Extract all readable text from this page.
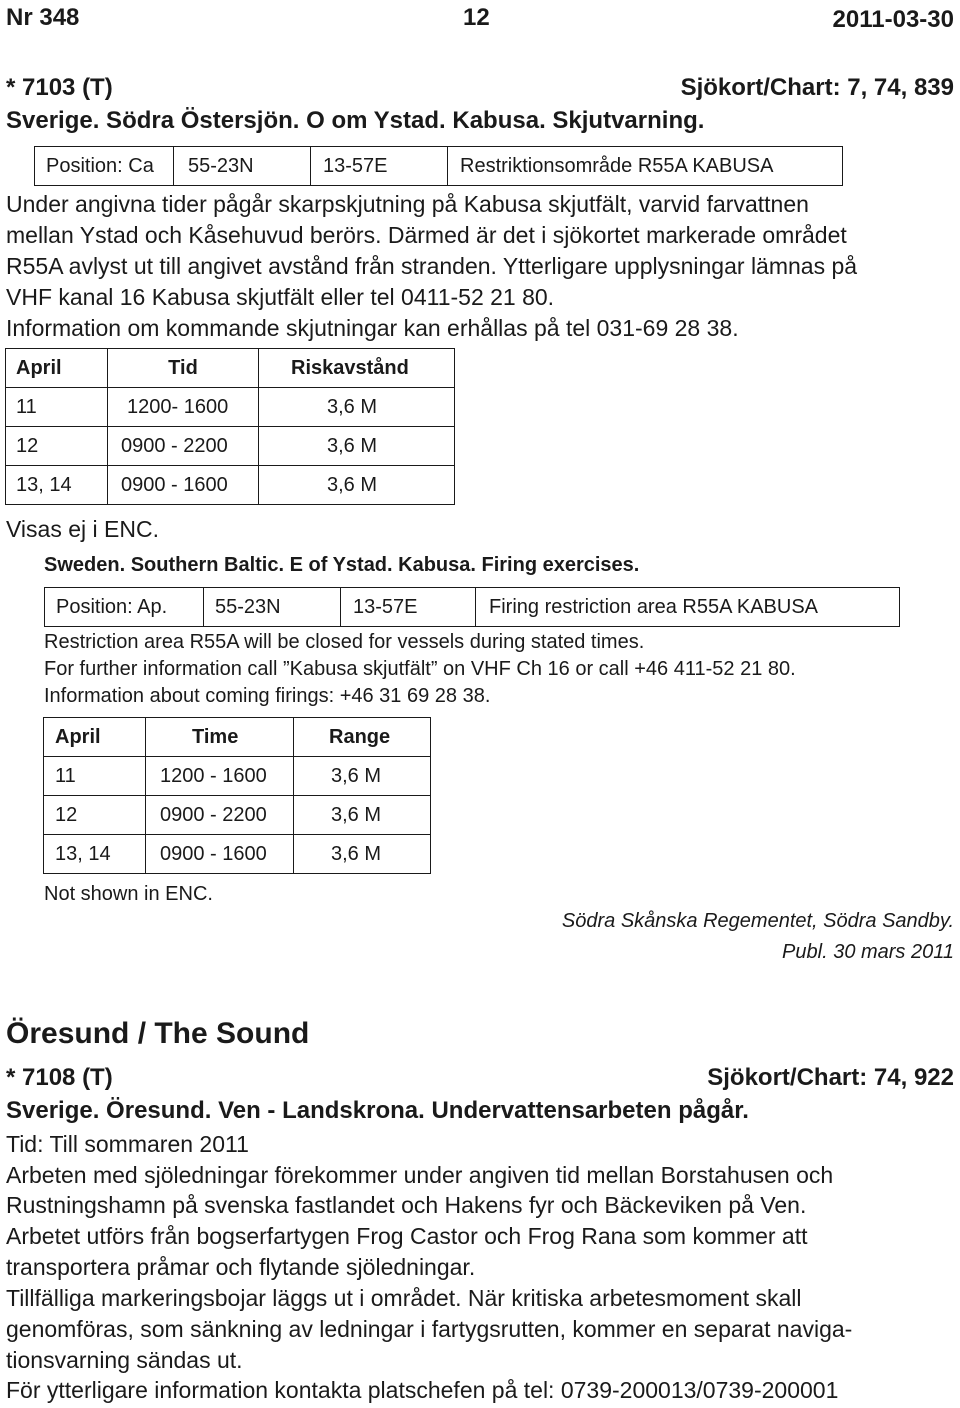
Nr 348	12	2011-03-30
* 7103 (T)	Sjökort/Chart: 7, 74, 839
Sverige. Södra Östersjön. O om Ystad. Kabusa. Skjutvarning.
Position: Ca	55-23N	13-57E	Restriktionsområde R55A KABUSA
Under angivna tider pågår skarpskjutning på Kabusa skjutfält, varvid farvattnen
mellan Ystad och Kåsehuvud berörs. Därmed är det i sjökortet markerade området
R55A avlyst ut till angivet avstånd från stranden. Ytterligare upplysningar lämnas på
VHF kanal 16 Kabusa skjutfält eller tel 0411-52 21 80.
Information om kommande skjutningar kan erhållas på tel 031-69 28 38.
April	Tid	Riskavstånd

11	1200- 1600	3,6 M

12	0900 - 2200	3,6 M

13, 14	0900 - 1600	3,6 M
Visas ej i ENC.
Sweden. Southern Baltic. E of Ystad. Kabusa. Firing exercises.
Position: Ap.	55-23N	13-57E	Firing restriction area R55A KABUSA
Restriction area R55A will be closed for vessels during stated times.
For further information call ”Kabusa skjutfält” on VHF Ch 16 or call +46 411-52 21 80.
Information about coming firings: +46 31 69 28 38.
April	Time	Range

11	1200 - 1600	3,6 M

12	0900 - 2200	3,6 M

13, 14	0900 - 1600	3,6 M
Not shown in ENC.
Södra Skånska Regementet, Södra Sandby.
Publ. 30 mars 2011
Öresund / The Sound
* 7108 (T)	Sjökort/Chart: 74, 922
Sverige. Öresund. Ven - Landskrona. Undervattensarbeten pågår.
Tid: Till sommaren 2011
Arbeten med sjöledningar förekommer under angiven tid mellan Borstahusen och
Rustningshamn på svenska fastlandet och Hakens fyr och Bäckeviken på Ven.
Arbetet utförs från bogserfartygen Frog Castor och Frog Rana som kommer att
transportera pråmar och flytande sjöledningar.
Tillfälliga markeringsbojar läggs ut i området. När kritiska arbetesmoment skall
genomföras, som sänkning av ledningar i fartygsrutten, kommer en separat naviga-
tionsvarning sändas ut.
För ytterligare information kontakta platschefen på tel: 0739-200013/0739-200001
